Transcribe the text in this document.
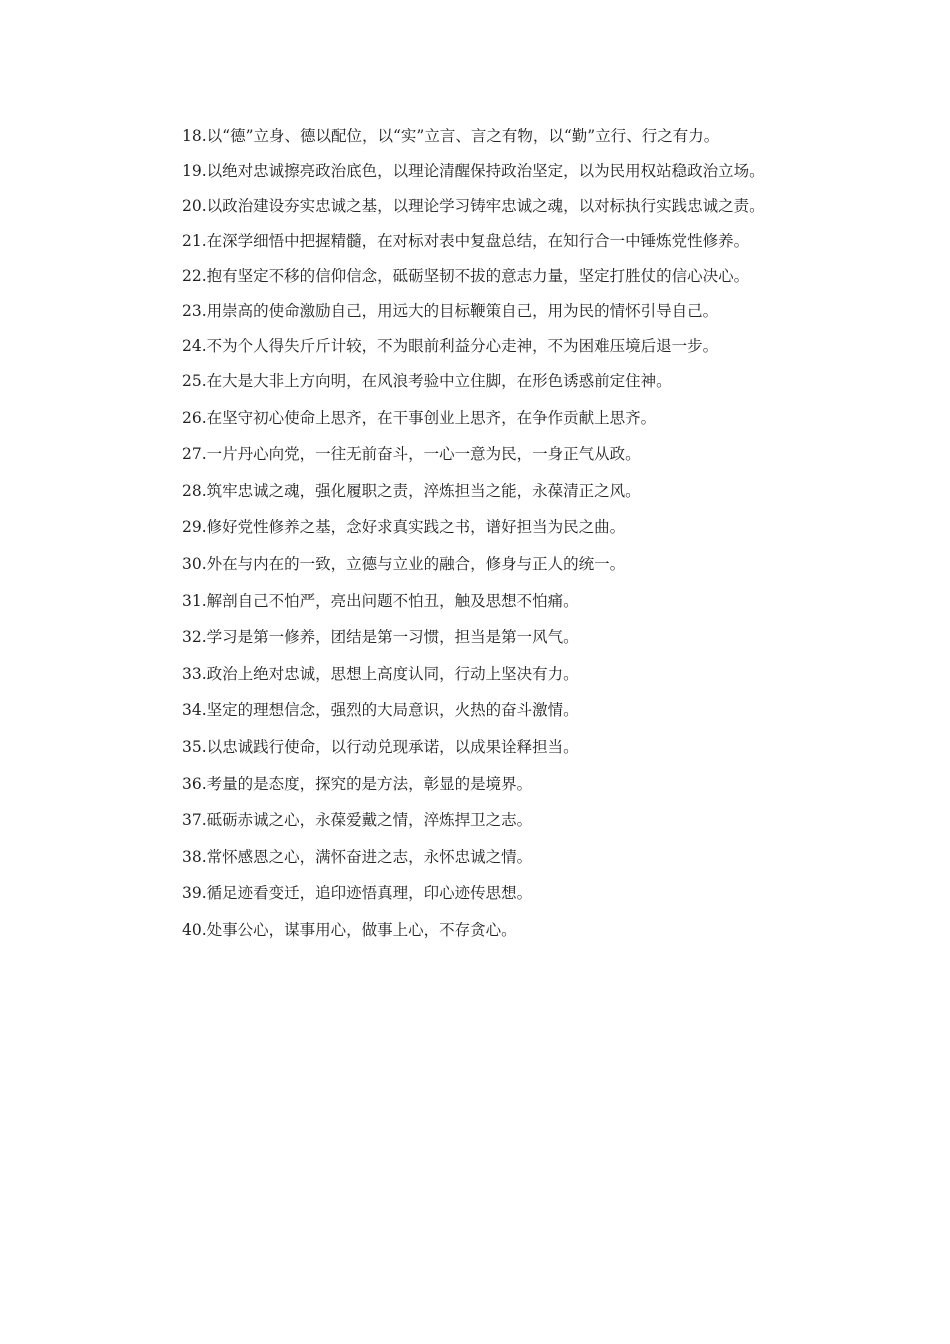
18.以“德”立身、德以配位，以“实”立言、言之有物，以“勤”立行、行之有力。

19.以绝对忠诚擦亮政治底色，以理论清醒保持政治坚定，以为民用权站稳政治立场。

20.以政治建设夯实忠诚之基，以理论学习铸牢忠诚之魂，以对标执行实践忠诚之责。

21.在深学细悟中把握精髓，在对标对表中复盘总结，在知行合一中锤炼党性修养。

22.抱有坚定不移的信仰信念，砥砺坚韧不拔的意志力量，坚定打胜仗的信心决心。

23.用崇高的使命激励自己，用远大的目标鞭策自己，用为民的情怀引导自己。

24.不为个人得失斤斤计较，不为眼前利益分心走神，不为困难压境后退一步。

25.在大是大非上方向明，在风浪考验中立住脚，在形色诱惑前定住神。

26.在坚守初心使命上思齐，在干事创业上思齐，在争作贡献上思齐。

27.一片丹心向党，一往无前奋斗，一心一意为民，一身正气从政。

28.筑牢忠诚之魂，强化履职之责，淬炼担当之能，永葆清正之风。

29.修好党性修养之基，念好求真实践之书，谱好担当为民之曲。

30.外在与内在的一致，立德与立业的融合，修身与正人的统一。

31.解剖自己不怕严，亮出问题不怕丑，触及思想不怕痛。

32.学习是第一修养，团结是第一习惯，担当是第一风气。

33.政治上绝对忠诚，思想上高度认同，行动上坚决有力。

34.坚定的理想信念，强烈的大局意识，火热的奋斗激情。

35.以忠诚践行使命，以行动兑现承诺，以成果诠释担当。

36.考量的是态度，探究的是方法，彰显的是境界。

37.砥砺赤诚之心，永葆爱戴之情，淬炼捍卫之志。

38.常怀感恩之心，满怀奋进之志，永怀忠诚之情。

39.循足迹看变迁，追印迹悟真理，印心迹传思想。

40.处事公心，谋事用心，做事上心，不存贪心。
